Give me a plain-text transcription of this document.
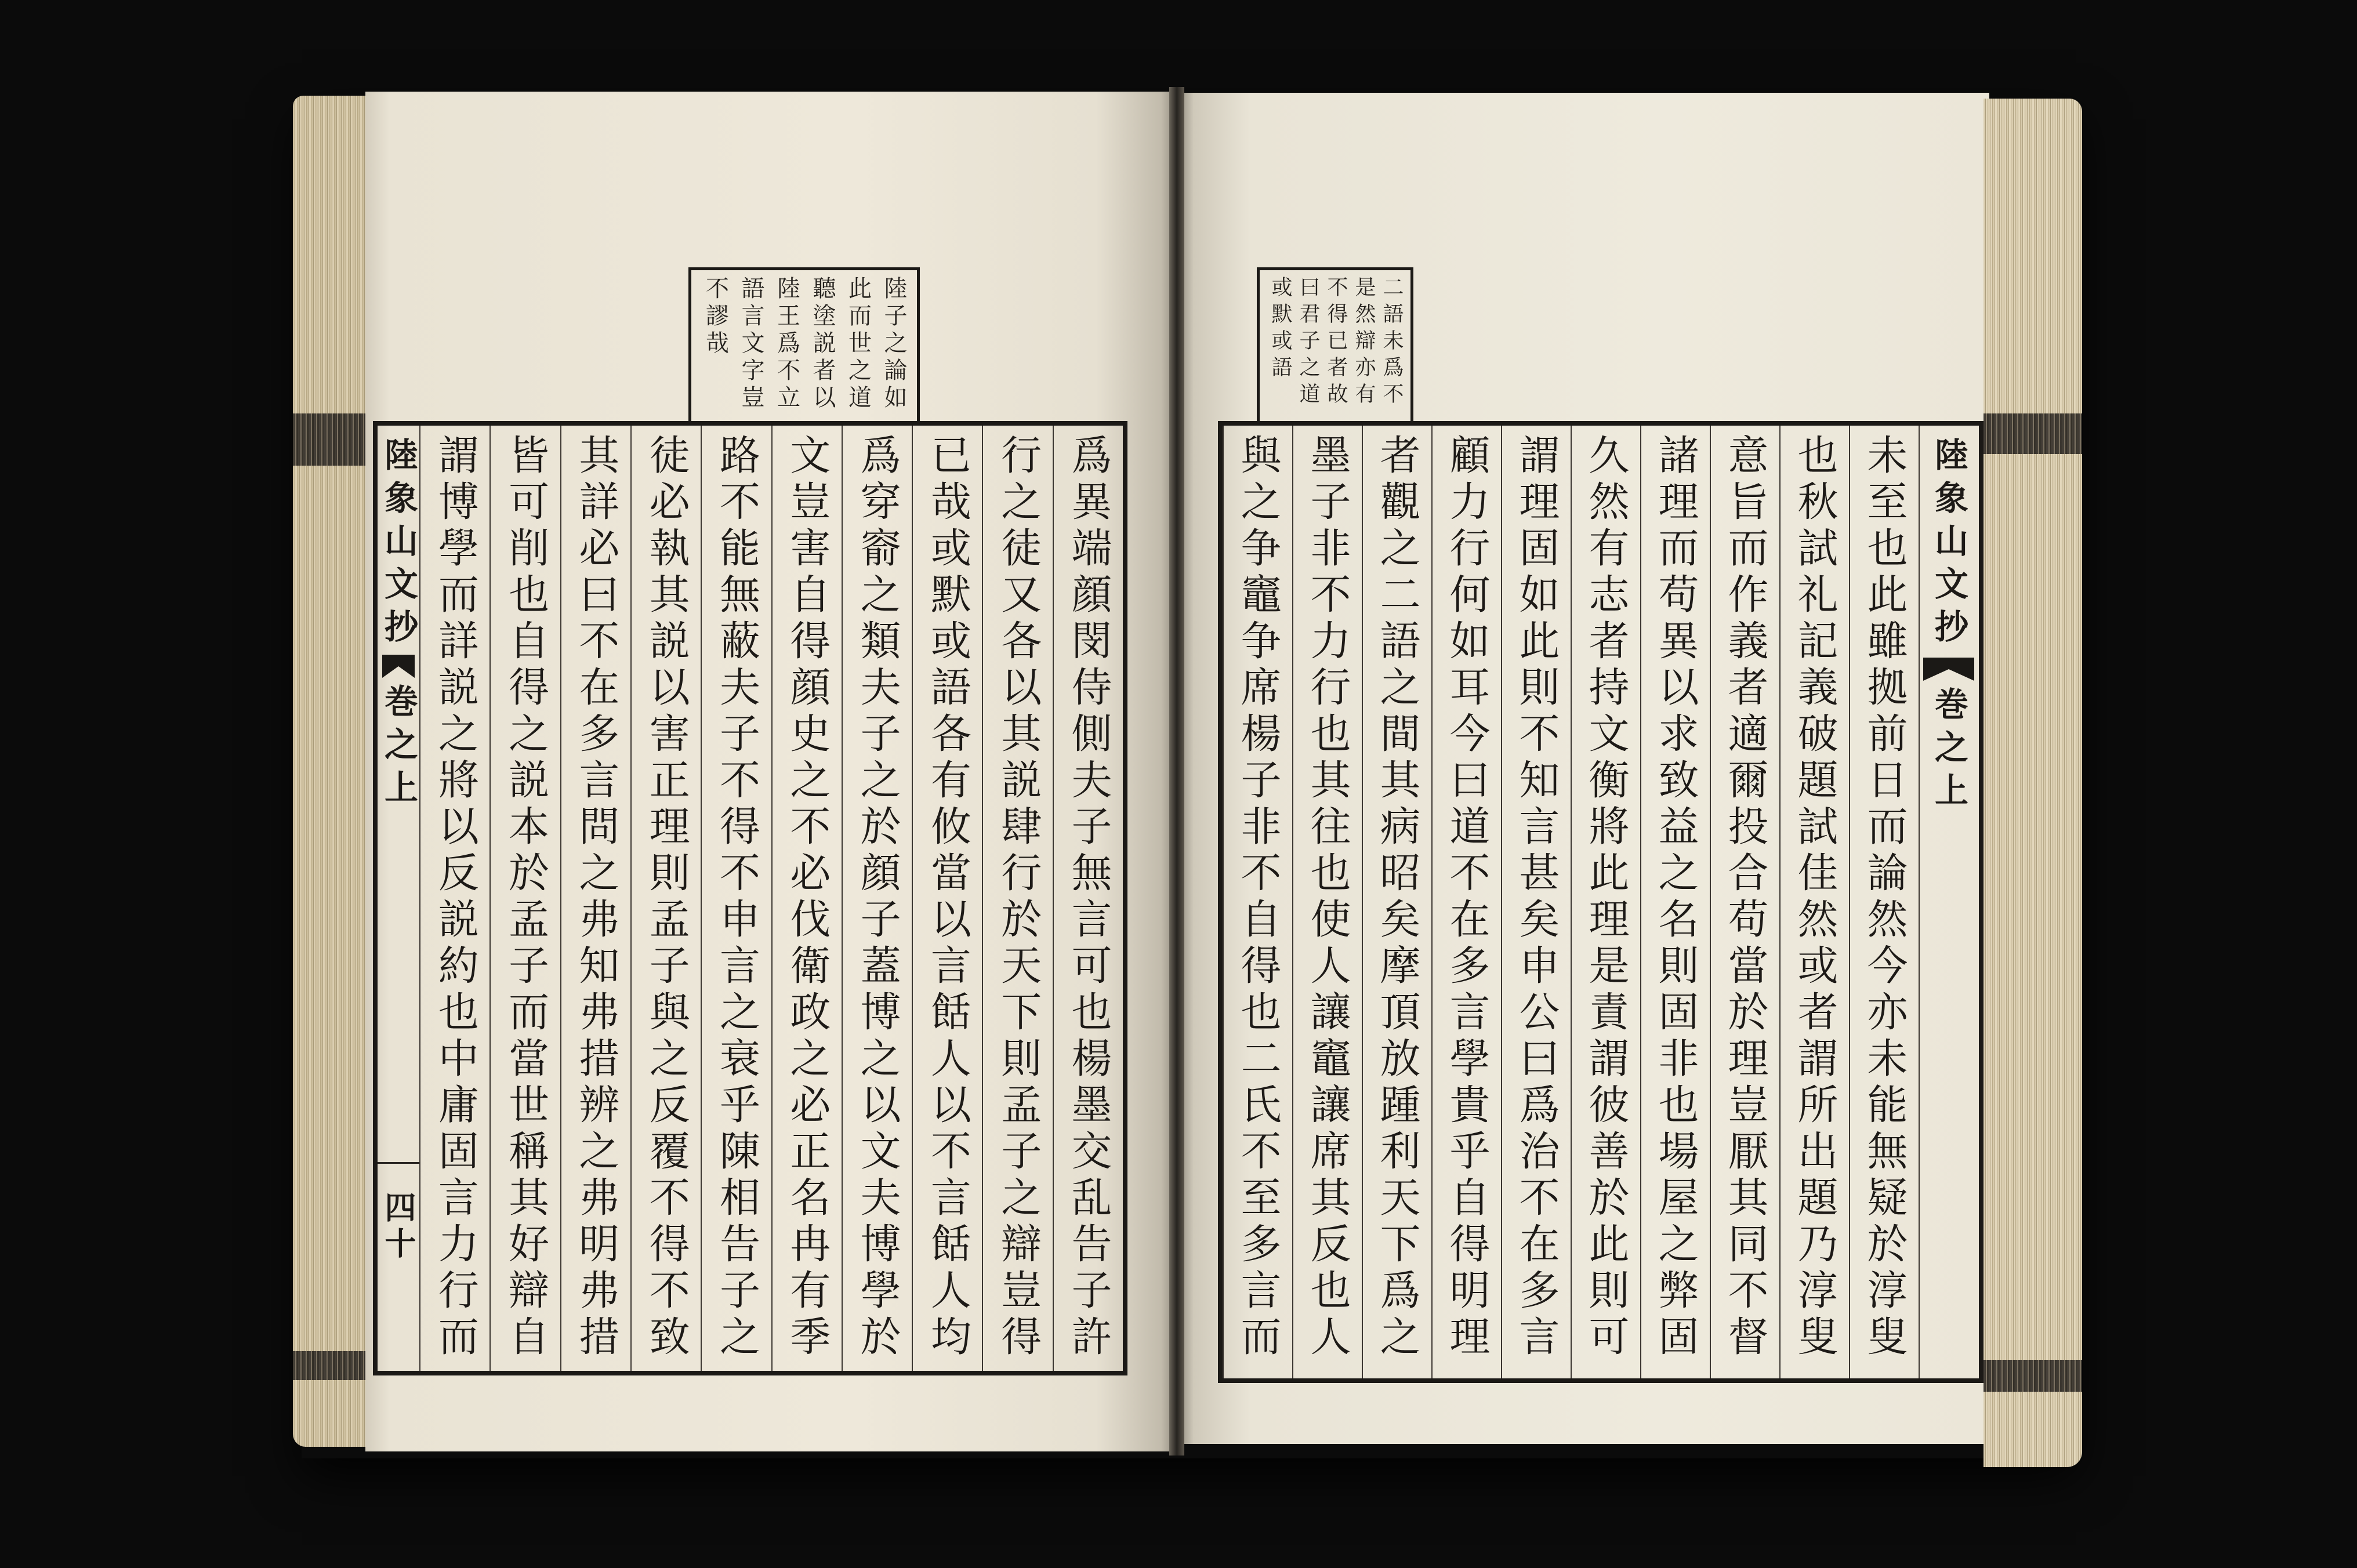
陸子之論如
此而世之道
聽塗説者以
陸王爲不立
語言文字豈
不謬哉
陸象山文抄
巻之上
四十	爲異端顔閔侍側夫子無言可也楊墨交乱告子許
行之徒又各以其説肆行於天下則孟子之辯豈得
已哉或默或語各有攸當以言餂人以不言餂人均
爲穿窬之類夫子之於顔子蓋博之以文夫博學於
文豈害自得顔史之不必伐衛政之必正名冉有季
路不能無蔽夫子不得不申言之衰乎陳相告子之
徒必執其説以害正理則孟子與之反覆不得不致
其詳必曰不在多言問之弗知弗措辨之弗明弗措
皆可削也自得之説本於孟子而當世稱其好辯自
謂博學而詳説之將以反説約也中庸固言力行而
二語未爲不
是然辯亦有
不得已者故
曰君子之道
或默或語
未至也此雖拠前日而論然今亦未能無疑於淳叟
也秋試礼記義破題試佳然或者謂所出題乃淳叟
意旨而作義者適爾投合苟當於理豈厭其同不督
諸理而苟異以求致益之名則固非也場屋之弊固
久然有志者持文衡將此理是責謂彼善於此則可
謂理固如此則不知言甚矣申公曰爲治不在多言
顧力行何如耳今曰道不在多言學貴乎自得明理
者觀之二語之間其病昭矣摩頂放踵利天下爲之
墨子非不力行也其往也使人讓竈讓席其反也人
與之争竈争席楊子非不自得也二氏不至多言而	陸象山文抄
巻之上
